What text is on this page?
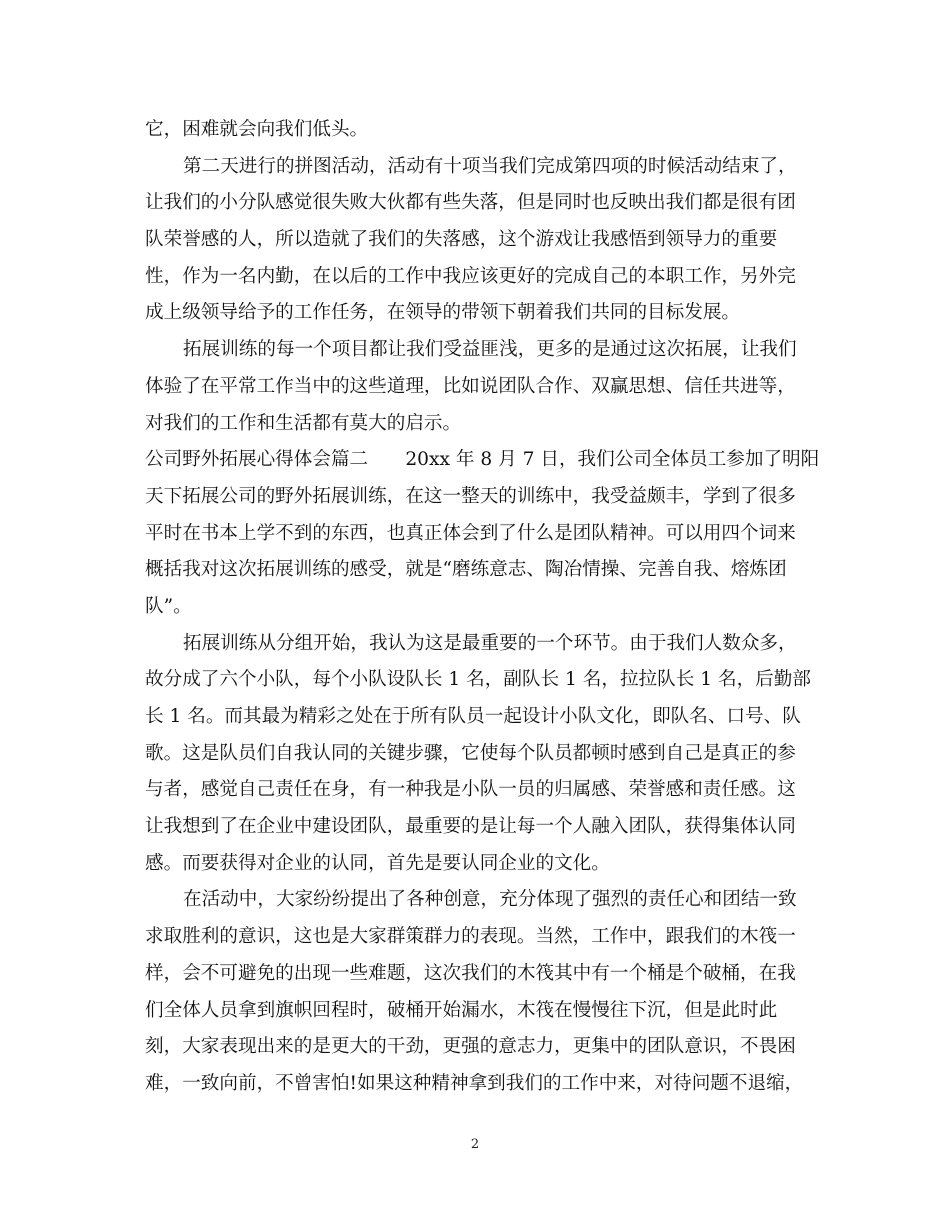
它，困难就会向我们低头。
第二天进行的拼图活动，活动有十项当我们完成第四项的时候活动结束了，
让我们的小分队感觉很失败大伙都有些失落，但是同时也反映出我们都是很有团
队荣誉感的人，所以造就了我们的失落感，这个游戏让我感悟到领导力的重要
性，作为一名内勤，在以后的工作中我应该更好的完成自己的本职工作，另外完
成上级领导给予的工作任务，在领导的带领下朝着我们共同的目标发展。
拓展训练的每一个项目都让我们受益匪浅，更多的是通过这次拓展，让我们
体验了在平常工作当中的这些道理，比如说团队合作、双赢思想、信任共进等，
对我们的工作和生活都有莫大的启示。
公司野外拓展心得体会篇二　　20xx 年 8 月 7 日，我们公司全体员工参加了明阳
天下拓展公司的野外拓展训练，在这一整天的训练中，我受益颇丰，学到了很多
平时在书本上学不到的东西，也真正体会到了什么是团队精神。可以用四个词来
概括我对这次拓展训练的感受，就是“磨练意志、陶冶情操、完善自我、熔炼团
队”。
拓展训练从分组开始，我认为这是最重要的一个环节。由于我们人数众多，
故分成了六个小队，每个小队设队长 1 名，副队长 1 名，拉拉队长 1 名，后勤部
长 1 名。而其最为精彩之处在于所有队员一起设计小队文化，即队名、口号、队
歌。这是队员们自我认同的关键步骤，它使每个队员都顿时感到自己是真正的参
与者，感觉自己责任在身，有一种我是小队一员的归属感、荣誉感和责任感。这
让我想到了在企业中建设团队，最重要的是让每一个人融入团队，获得集体认同
感。而要获得对企业的认同，首先是要认同企业的文化。
在活动中，大家纷纷提出了各种创意，充分体现了强烈的责任心和团结一致
求取胜利的意识，这也是大家群策群力的表现。当然，工作中，跟我们的木筏一
样，会不可避免的出现一些难题，这次我们的木筏其中有一个桶是个破桶，在我
们全体人员拿到旗帜回程时，破桶开始漏水，木筏在慢慢往下沉，但是此时此
刻，大家表现出来的是更大的干劲，更强的意志力，更集中的团队意识，不畏困
难，一致向前，不曾害怕!如果这种精神拿到我们的工作中来，对待问题不退缩，
2
